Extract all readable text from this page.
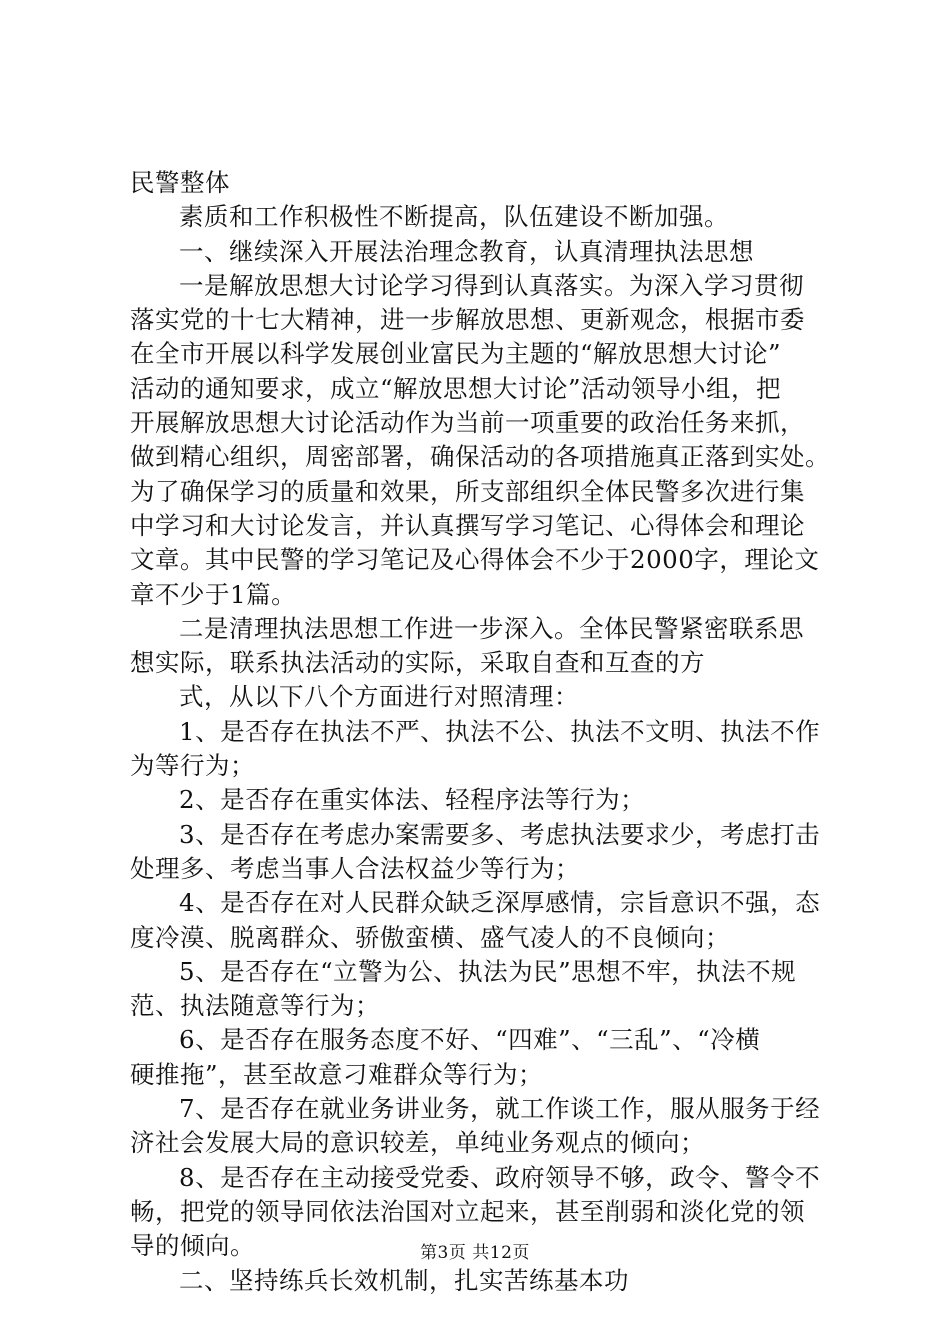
民警整体
素质和工作积极性不断提高，队伍建设不断加强。
一、继续深入开展法治理念教育，认真清理执法思想
一是解放思想大讨论学习得到认真落实。为深入学习贯彻
落实党的十七大精神，进一步解放思想、更新观念，根据市委
在全市开展以科学发展创业富民为主题的“解放思想大讨论”
活动的通知要求，成立“解放思想大讨论”活动领导小组，把
开展解放思想大讨论活动作为当前一项重要的政治任务来抓，
做到精心组织，周密部署，确保活动的各项措施真正落到实处。
为了确保学习的质量和效果，所支部组织全体民警多次进行集
中学习和大讨论发言，并认真撰写学习笔记、心得体会和理论
文章。其中民警的学习笔记及心得体会不少于2000字，理论文
章不少于1篇。
二是清理执法思想工作进一步深入。全体民警紧密联系思
想实际，联系执法活动的实际，采取自查和互查的方
式，从以下八个方面进行对照清理：
1、是否存在执法不严、执法不公、执法不文明、执法不作
为等行为；
2、是否存在重实体法、轻程序法等行为；
3、是否存在考虑办案需要多、考虑执法要求少，考虑打击
处理多、考虑当事人合法权益少等行为；
4、是否存在对人民群众缺乏深厚感情，宗旨意识不强，态
度冷漠、脱离群众、骄傲蛮横、盛气凌人的不良倾向；
5、是否存在“立警为公、执法为民”思想不牢，执法不规
范、执法随意等行为；
6、是否存在服务态度不好、“四难”、“三乱”、“冷横
硬推拖”，甚至故意刁难群众等行为；
7、是否存在就业务讲业务，就工作谈工作，服从服务于经
济社会发展大局的意识较差，单纯业务观点的倾向；
8、是否存在主动接受党委、政府领导不够，政令、警令不
畅，把党的领导同依法治国对立起来，甚至削弱和淡化党的领
导的倾向。
二、坚持练兵长效机制，扎实苦练基本功
第3页 共12页
